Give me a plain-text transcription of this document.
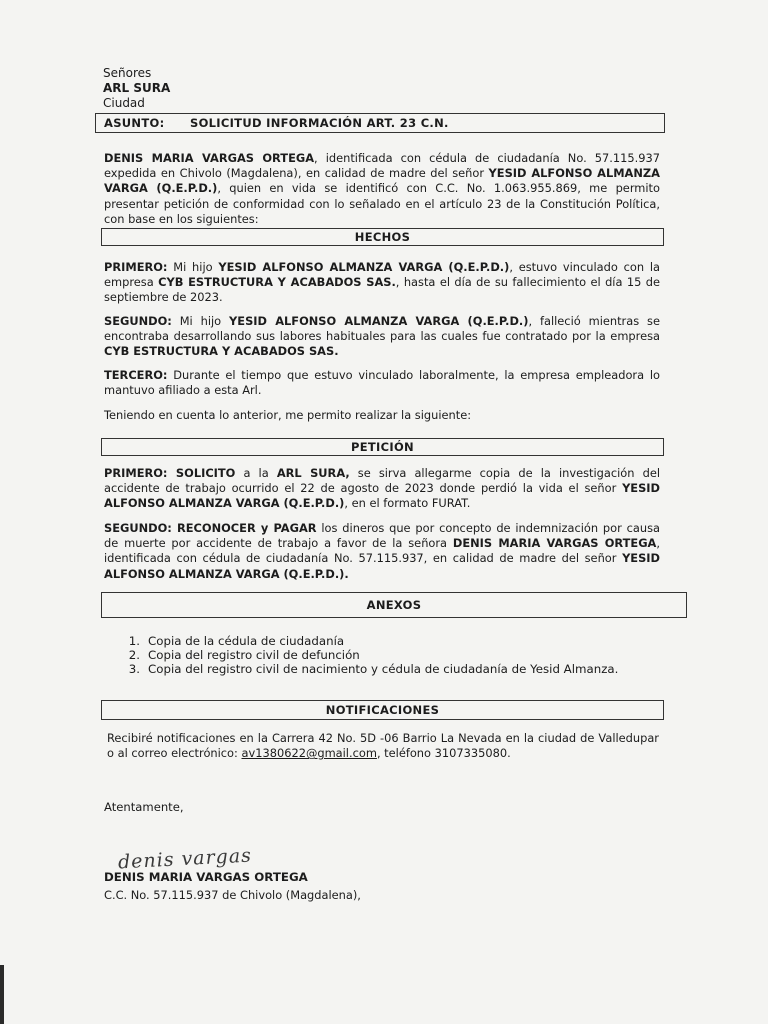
Señores
ARL SURA
Ciudad
ASUNTO: SOLICITUD INFORMACIÓN ART. 23 C.N.
DENIS MARIA VARGAS ORTEGA, identificada con cédula de ciudadanía No. 57.115.937 expedida en Chivolo (Magdalena), en calidad de madre del señor YESID ALFONSO ALMANZA VARGA (Q.E.P.D.), quien en vida se identificó con C.C. No. 1.063.955.869, me permito presentar petición de conformidad con lo señalado en el artículo 23 de la Constitución Política, con base en los siguientes:
HECHOS
PRIMERO: Mi hijo YESID ALFONSO ALMANZA VARGA (Q.E.P.D.), estuvo vinculado con la empresa CYB ESTRUCTURA Y ACABADOS SAS., hasta el día de su fallecimiento el día 15 de septiembre de 2023.
SEGUNDO: Mi hijo YESID ALFONSO ALMANZA VARGA (Q.E.P.D.), falleció mientras se encontraba desarrollando sus labores habituales para las cuales fue contratado por la empresa CYB ESTRUCTURA Y ACABADOS SAS.
TERCERO: Durante el tiempo que estuvo vinculado laboralmente, la empresa empleadora lo mantuvo afiliado a esta Arl.
Teniendo en cuenta lo anterior, me permito realizar la siguiente:
PETICIÓN
PRIMERO: SOLICITO a la ARL SURA, se sirva allegarme copia de la investigación del accidente de trabajo ocurrido el 22 de agosto de 2023 donde perdió la vida el señor YESID ALFONSO ALMANZA VARGA (Q.E.P.D.), en el formato FURAT.
SEGUNDO: RECONOCER y PAGAR los dineros que por concepto de indemnización por causa de muerte por accidente de trabajo a favor de la señora DENIS MARIA VARGAS ORTEGA, identificada con cédula de ciudadanía No. 57.115.937, en calidad de madre del señor YESID ALFONSO ALMANZA VARGA (Q.E.P.D.).
ANEXOS
1. Copia de la cédula de ciudadanía
2. Copia del registro civil de defunción
3. Copia del registro civil de nacimiento y cédula de ciudadanía de Yesid Almanza.
NOTIFICACIONES
Recibiré notificaciones en la Carrera 42 No. 5D -06 Barrio La Nevada en la ciudad de Valledupar o al correo electrónico: av1380622@gmail.com, teléfono 3107335080.
Atentamente,
denis vargas
DENIS MARIA VARGAS ORTEGA
C.C. No. 57.115.937 de Chivolo (Magdalena),
